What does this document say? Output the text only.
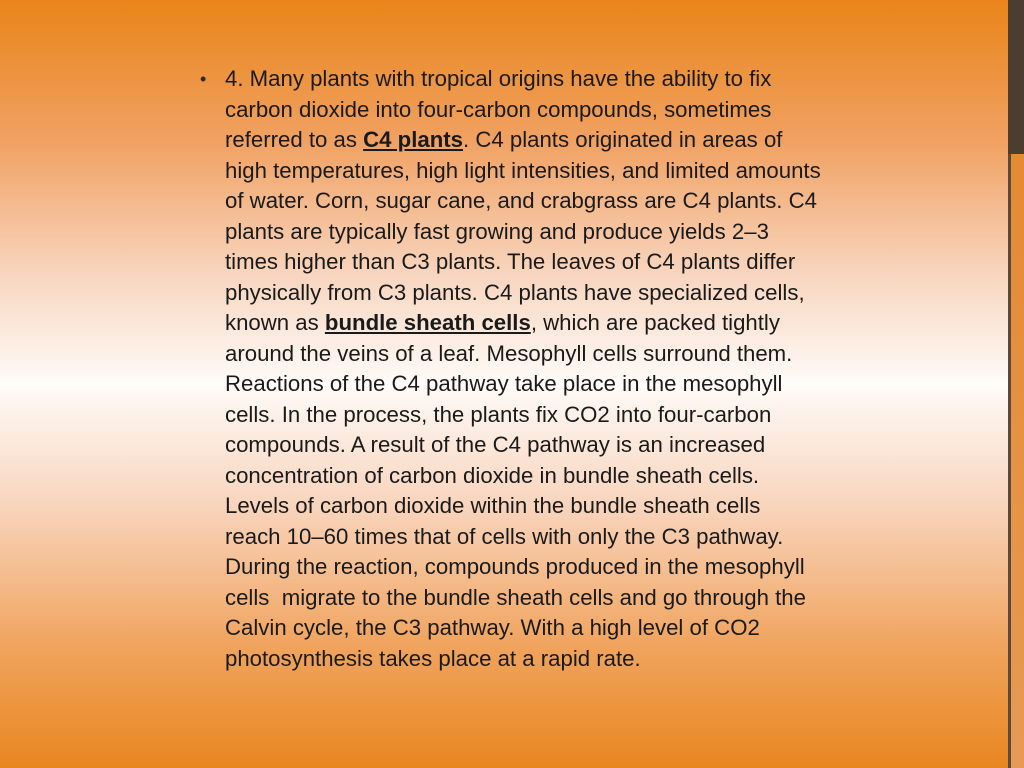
• 4. Many plants with tropical origins have the ability to fix
carbon dioxide into four-carbon compounds, sometimes
referred to as C4 plants. C4 plants originated in areas of
high temperatures, high light intensities, and limited amounts
of water. Corn, sugar cane, and crabgrass are C4 plants. C4
plants are typically fast growing and produce yields 2–3
times higher than C3 plants. The leaves of C4 plants differ
physically from C3 plants. C4 plants have specialized cells,
known as bundle sheath cells, which are packed tightly
around the veins of a leaf. Mesophyll cells surround them.
Reactions of the C4 pathway take place in the mesophyll
cells. In the process, the plants fix CO2 into four-carbon
compounds. A result of the C4 pathway is an increased
concentration of carbon dioxide in bundle sheath cells.
Levels of carbon dioxide within the bundle sheath cells
reach 10–60 times that of cells with only the C3 pathway.
During the reaction, compounds produced in the mesophyll
cells  migrate to the bundle sheath cells and go through the
Calvin cycle, the C3 pathway. With a high level of CO2
photosynthesis takes place at a rapid rate.
